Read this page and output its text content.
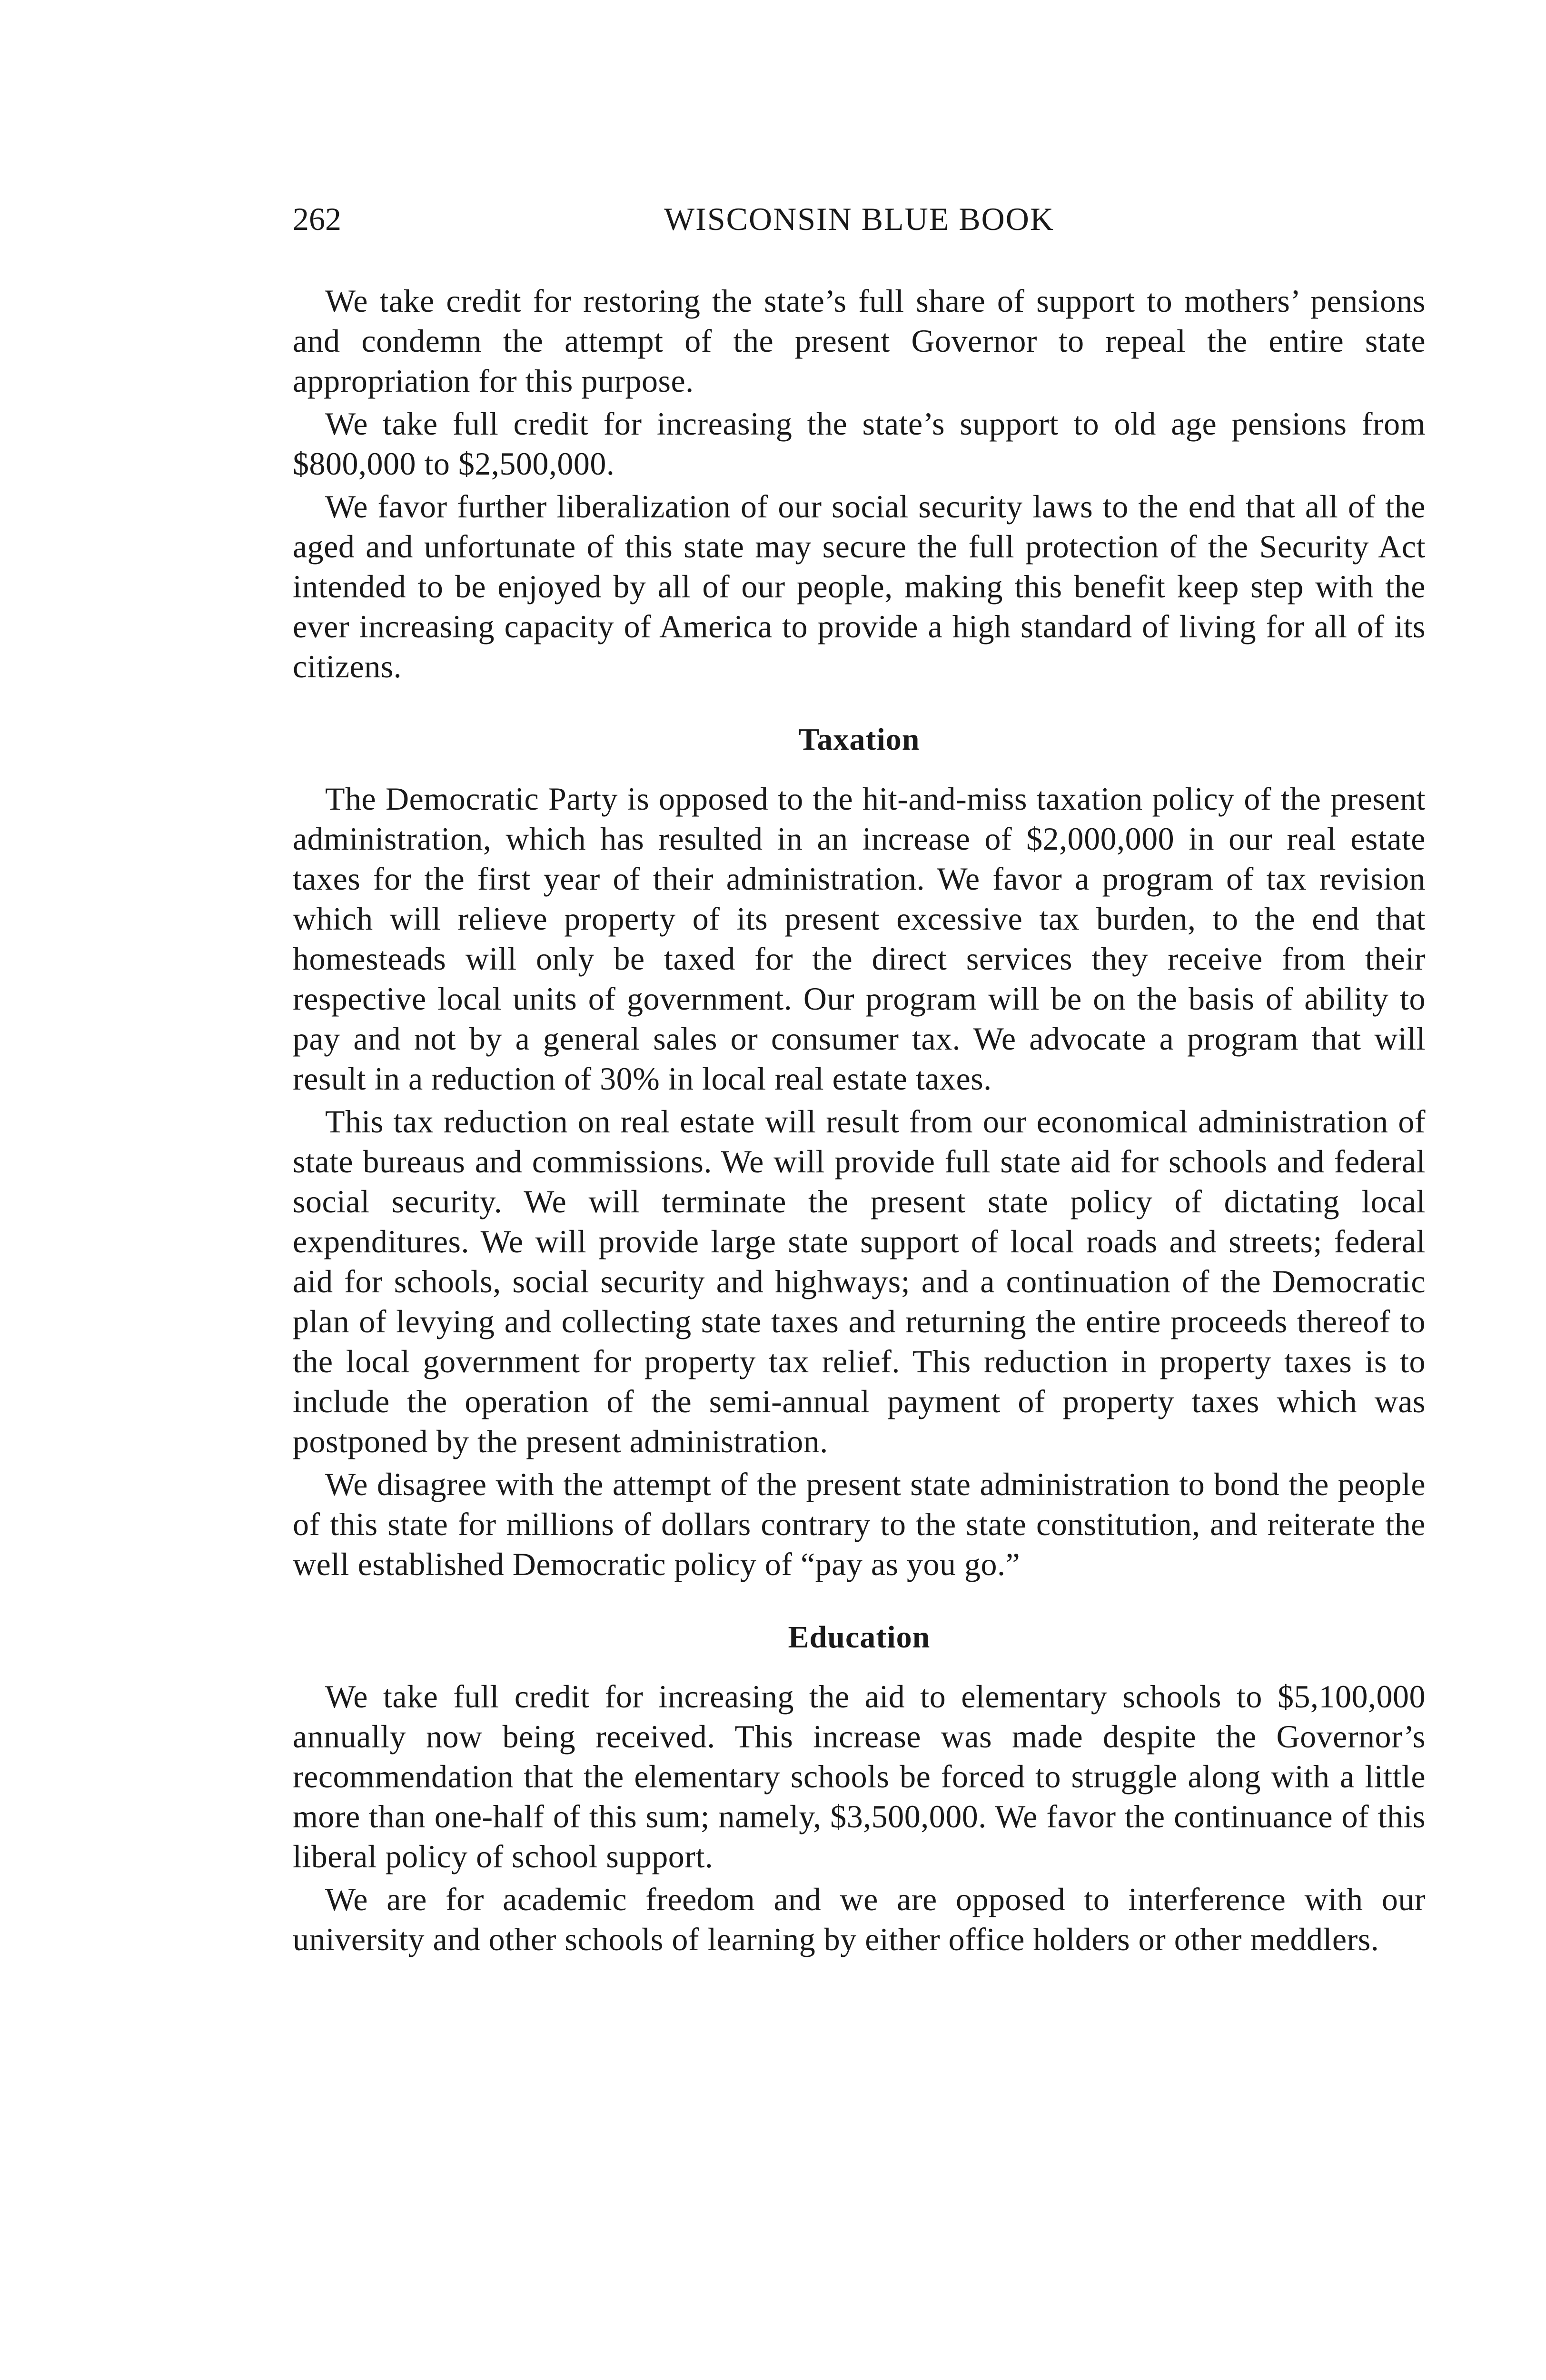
262	WISCONSIN BLUE BOOK

We take credit for restoring the state’s full share of support to mothers’ pensions and condemn the attempt of the present Governor to repeal the entire state appropriation for this purpose.

We take full credit for increasing the state’s support to old age pensions from $800,000 to $2,500,000.

We favor further liberalization of our social security laws to the end that all of the aged and unfortunate of this state may secure the full protection of the Security Act intended to be enjoyed by all of our people, making this benefit keep step with the ever increasing capacity of America to provide a high standard of living for all of its citizens.

Taxation

The Democratic Party is opposed to the hit-and-miss taxation policy of the present administration, which has resulted in an increase of $2,000,000 in our real estate taxes for the first year of their administration. We favor a program of tax revision which will relieve property of its present excessive tax burden, to the end that homesteads will only be taxed for the direct services they receive from their respective local units of government. Our program will be on the basis of ability to pay and not by a general sales or consumer tax. We advocate a program that will result in a reduction of 30% in local real estate taxes.

This tax reduction on real estate will result from our economical administration of state bureaus and commissions. We will provide full state aid for schools and federal social security. We will terminate the present state policy of dictating local expenditures. We will provide large state support of local roads and streets; federal aid for schools, social security and highways; and a continuation of the Democratic plan of levying and collecting state taxes and returning the entire proceeds thereof to the local government for property tax relief. This reduction in property taxes is to include the operation of the semi-annual payment of property taxes which was postponed by the present administration.

We disagree with the attempt of the present state administration to bond the people of this state for millions of dollars contrary to the state constitution, and reiterate the well established Democratic policy of “pay as you go.”

Education

We take full credit for increasing the aid to elementary schools to $5,100,000 annually now being received. This increase was made despite the Governor’s recommendation that the elementary schools be forced to struggle along with a little more than one-half of this sum; namely, $3,500,000. We favor the continuance of this liberal policy of school support.

We are for academic freedom and we are opposed to interference with our university and other schools of learning by either office holders or other meddlers.
